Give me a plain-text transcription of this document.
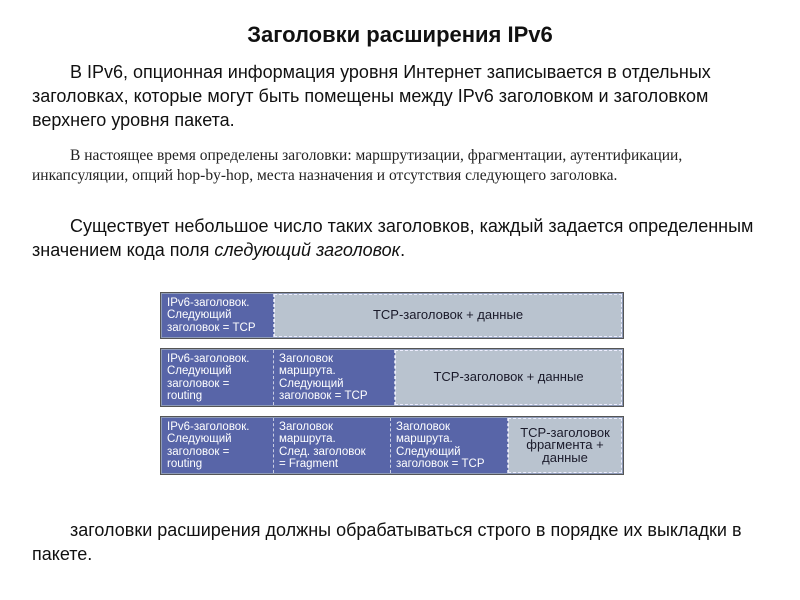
Заголовки расширения IPv6

В IPv6, опционная информация уровня Интернет записывается в отдельных заголовках, которые могут быть помещены между IPv6 заголовком и заголовком верхнего уровня пакета.

В настоящее время определены заголовки: маршрутизации, фрагментации, аутентификации, инкапсуляции, опций hop-by-hop, места назначения и отсутствия следующего заголовка.

Существует небольшое число таких заголовков, каждый задается определенным значением кода поля следующий заголовок.

IPv6-заголовок.
Следующий
заголовок = TCP
TCP-заголовок + данные
IPv6-заголовок.
Следующий
заголовок =
routing
Заголовок
маршрута.
Следующий
заголовок = TCP
TCP-заголовок + данные
IPv6-заголовок.
Следующий
заголовок =
routing
Заголовок
маршрута.
След. заголовок
= Fragment
Заголовок
маршрута.
Следующий
заголовок = TCP
TCP-заголовок
фрагмента +
данные

заголовки расширения должны обрабатываться строго в порядке их выкладки в пакете.
